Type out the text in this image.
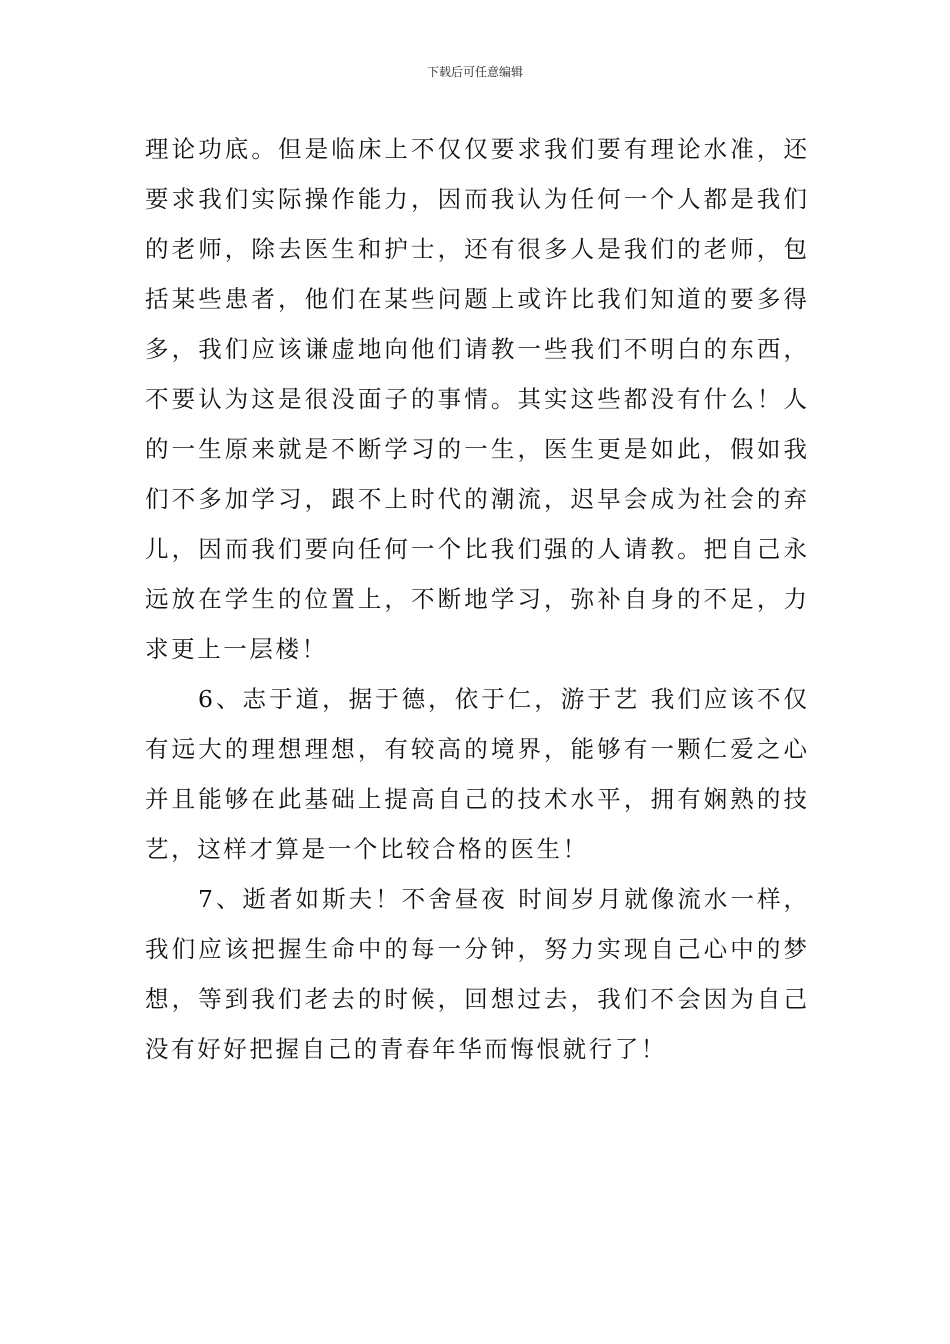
下载后可任意编辑
理论功底。但是临床上不仅仅要求我们要有理论水准，还
要求我们实际操作能力，因而我认为任何一个人都是我们
的老师，除去医生和护士，还有很多人是我们的老师，包
括某些患者，他们在某些问题上或许比我们知道的要多得
多，我们应该谦虚地向他们请教一些我们不明白的东西，
不要认为这是很没面子的事情。其实这些都没有什么！人
的一生原来就是不断学习的一生，医生更是如此，假如我
们不多加学习，跟不上时代的潮流，迟早会成为社会的弃
儿，因而我们要向任何一个比我们强的人请教。把自己永
远放在学生的位置上，不断地学习，弥补自身的不足，力
求更上一层楼！
6、志于道，据于德，依于仁，游于艺 我们应该不仅
有远大的理想理想，有较高的境界，能够有一颗仁爱之心
并且能够在此基础上提高自己的技术水平，拥有娴熟的技
艺，这样才算是一个比较合格的医生！
7、逝者如斯夫！不舍昼夜 时间岁月就像流水一样，
我们应该把握生命中的每一分钟，努力实现自己心中的梦
想，等到我们老去的时候，回想过去，我们不会因为自己
没有好好把握自己的青春年华而悔恨就行了！
